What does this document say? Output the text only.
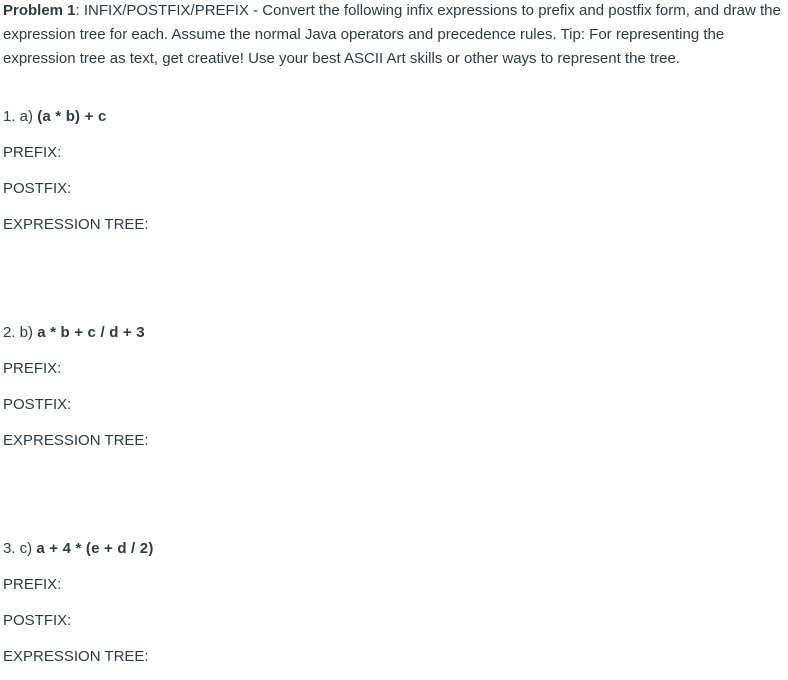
Problem 1: INFIX/POSTFIX/PREFIX - Convert the following infix expressions to prefix and postfix form, and draw the expression tree for each. Assume the normal Java operators and precedence rules. Tip: For representing the expression tree as text, get creative! Use your best ASCII Art skills or other ways to represent the tree.

1. a) (a * b) + c

PREFIX:

POSTFIX:

EXPRESSION TREE:

2. b) a * b + c / d + 3

PREFIX:

POSTFIX:

EXPRESSION TREE:

3. c) a + 4 * (e + d / 2)

PREFIX:

POSTFIX:

EXPRESSION TREE:
